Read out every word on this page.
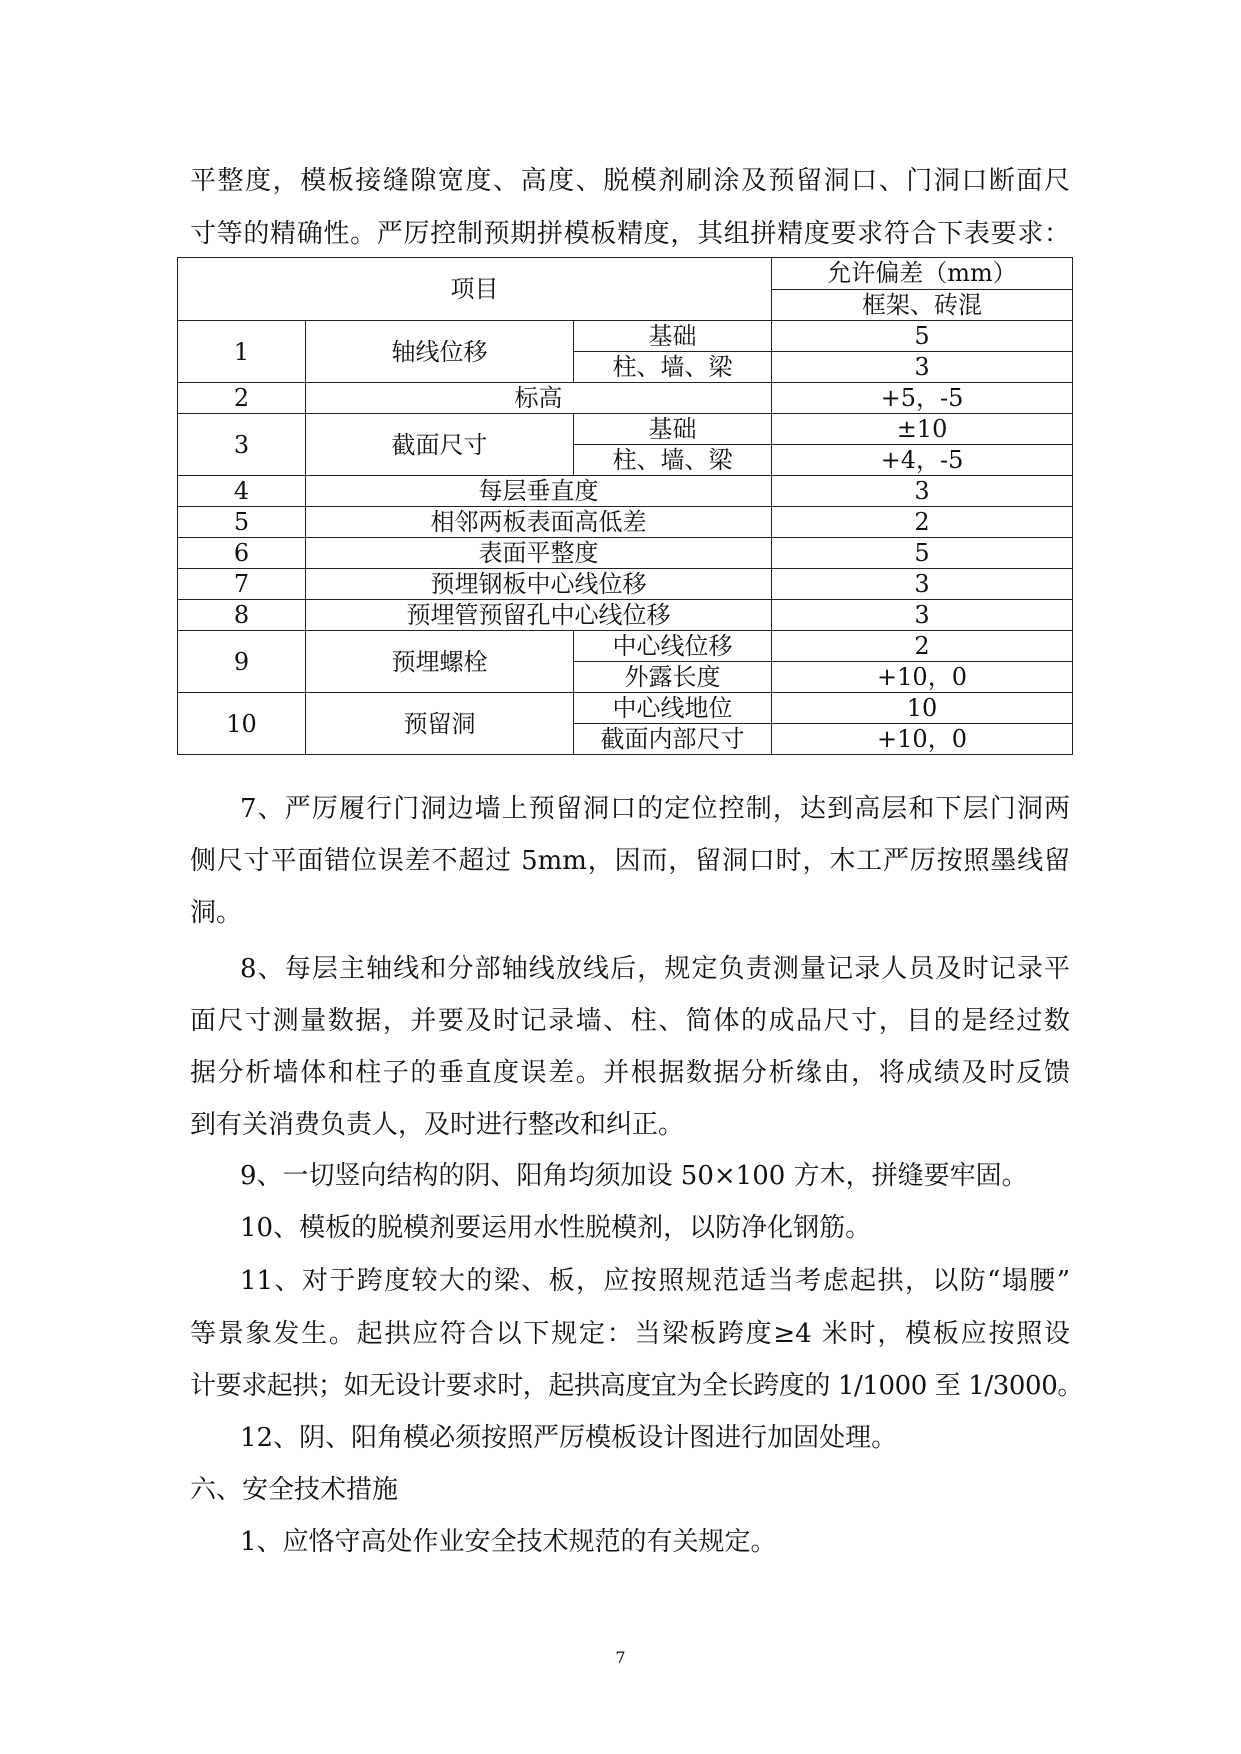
平整度，模板接缝隙宽度、高度、脱模剂刷涂及预留洞口、门洞口断面尺
寸等的精确性。严厉控制预期拼模板精度，其组拼精度要求符合下表要求：
项目			允许偏差（mm）
			框架、砖混
1	轴线位移	基础	5
		柱、墙、梁	3
2	标高		+5，-5
3	截面尺寸	基础	±10
		柱、墙、梁	+4，-5
4	每层垂直度		3
5	相邻两板表面高低差		2
6	表面平整度		5
7	预埋钢板中心线位移		3
8	预埋管预留孔中心线位移		3
9	预埋螺栓	中心线位移	2
		外露长度	+10，0
10	预留洞	中心线地位	10
		截面内部尺寸	+10，0
7、严厉履行门洞边墙上预留洞口的定位控制，达到高层和下层门洞两
侧尺寸平面错位误差不超过 5mm，因而，留洞口时，木工严厉按照墨线留
洞。
8、每层主轴线和分部轴线放线后，规定负责测量记录人员及时记录平
面尺寸测量数据，并要及时记录墙、柱、简体的成品尺寸，目的是经过数
据分析墙体和柱子的垂直度误差。并根据数据分析缘由，将成绩及时反馈
到有关消费负责人，及时进行整改和纠正。
9、一切竖向结构的阴、阳角均须加设 50×100 方木，拼缝要牢固。
10、模板的脱模剂要运用水性脱模剂，以防净化钢筋。
11、对于跨度较大的梁、板，应按照规范适当考虑起拱，以防“塌腰”
等景象发生。起拱应符合以下规定：当梁板跨度≥4 米时，模板应按照设
计要求起拱；如无设计要求时，起拱高度宜为全长跨度的 1/1000 至 1/3000。
12、阴、阳角模必须按照严厉模板设计图进行加固处理。
六、安全技术措施
1、应恪守高处作业安全技术规范的有关规定。
7
